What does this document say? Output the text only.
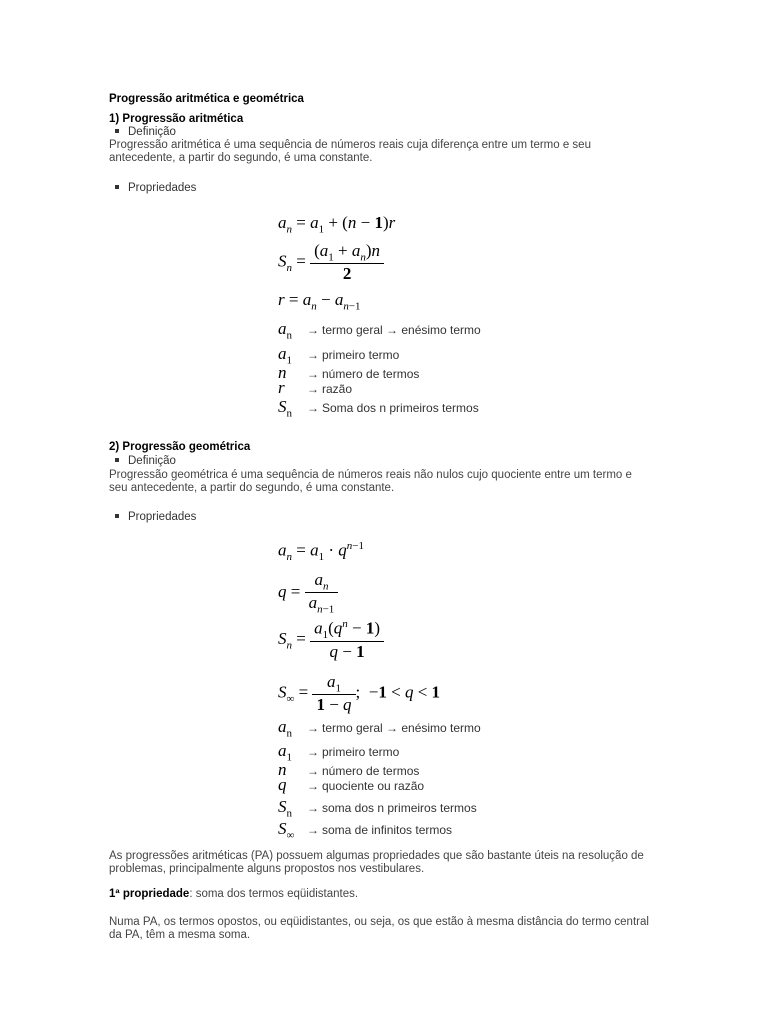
Progressão aritmética e geométrica
1) Progressão aritmética
Definição
Progressão aritmética é uma sequência de números reais cuja diferença entre um termo e seu
antecedente, a partir do segundo, é uma constante.
Propriedades
$a_n = a_1 + (n - 1)r$
$S_n = \frac{(a_1 + a_n)n}{2}$
$r = a_n - a_{n-1}$
$a_n$ → termo geral → enésimo termo
$a_1$ → primeiro termo
n → número de termos
r → razão
$S_n$ → Soma dos n primeiros termos
2) Progressão geométrica
Definição
Progressão geométrica é uma sequência de números reais não nulos cujo quociente entre um termo e
seu antecedente, a partir do segundo, é uma constante.
Propriedades
$a_n = a_1 \cdot q^{n-1}$
$q = \frac{a_n}{a_{n-1}}$
$S_n = \frac{a_1(q^n - 1)}{q - 1}$
$S_\infty = \frac{a_1}{1 - q}$ ;  −1 < q < 1
$a_n$ → termo geral → enésimo termo
$a_1$ → primeiro termo
n → número de termos
q → quociente ou razão
$S_n$ → soma dos n primeiros termos
$S_\infty$ → soma de infinitos termos
As progressões aritméticas (PA) possuem algumas propriedades que são bastante úteis na resolução de
problemas, principalmente alguns propostos nos vestibulares.
1ª propriedade: soma dos termos eqüidistantes.
Numa PA, os termos opostos, ou eqüidistantes, ou seja, os que estão à mesma distância do termo central
da PA, têm a mesma soma.
